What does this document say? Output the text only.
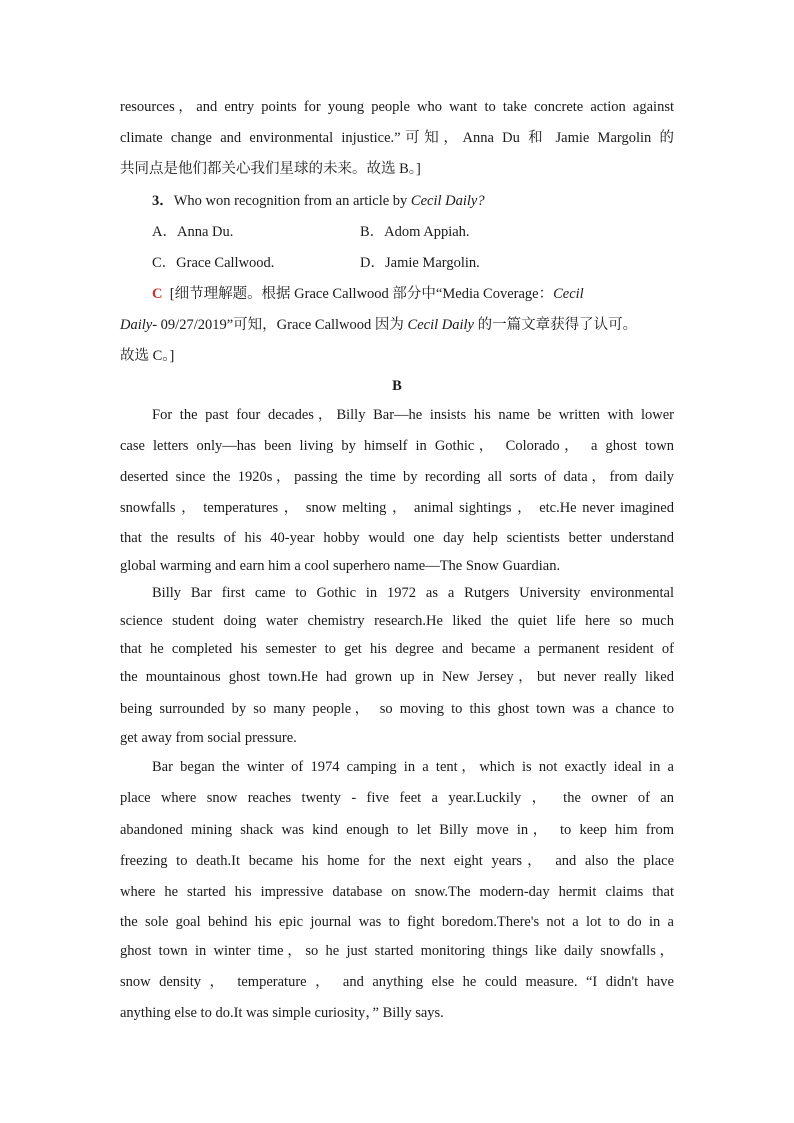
resources，and entry points for young people who want to take concrete action against
climate change and environmental injustice.”可知，Anna Du 和 Jamie Margolin 的
共同点是他们都关心我们星球的未来。故选 B。]
3．Who won recognition from an article by Cecil Daily?
A．Anna Du.	B．Adom Appiah.
C．Grace Callwood.	D．Jamie Margolin.
C [细节理解题。根据 Grace Callwood 部分中“Media Coverage：Cecil
Daily- 09/27/2019”可知，Grace Callwood 因为 Cecil Daily 的一篇文章获得了认可。
故选 C。]
B
For the past four decades，Billy Bar—he insists his name be written with lower
case letters only—has been living by himself in Gothic， Colorado， a ghost town
deserted since the 1920s，passing the time by recording all sorts of data，from daily
snowfalls ， temperatures ， snow melting ， animal sightings ， etc.He never imagined
that the results of his 40-year hobby would one day help scientists better understand
global warming and earn him a cool superhero name—The Snow Guardian.
Billy Bar first came to Gothic in 1972 as a Rutgers University environmental
science student doing water chemistry research.He liked the quiet life here so much
that he completed his semester to get his degree and became a permanent resident of
the mountainous ghost town.He had grown up in New Jersey，but never really liked
being surrounded by so many people， so moving to this ghost town was a chance to
get away from social pressure.
Bar began the winter of 1974 camping in a tent，which is not exactly ideal in a
place where snow reaches twenty - five feet a year.Luckily ， the owner of an
abandoned mining shack was kind enough to let Billy move in， to keep him from
freezing to death.It became his home for the next eight years， and also the place
where he started his impressive database on snow.The modern-day hermit claims that
the sole goal behind his epic journal was to fight boredom.There's not a lot to do in a
ghost town in winter time，so he just started monitoring things like daily snowfalls，
snow density ， temperature ， and anything else he could measure. “I didn't have
anything else to do.It was simple curiosity，” Billy says.
